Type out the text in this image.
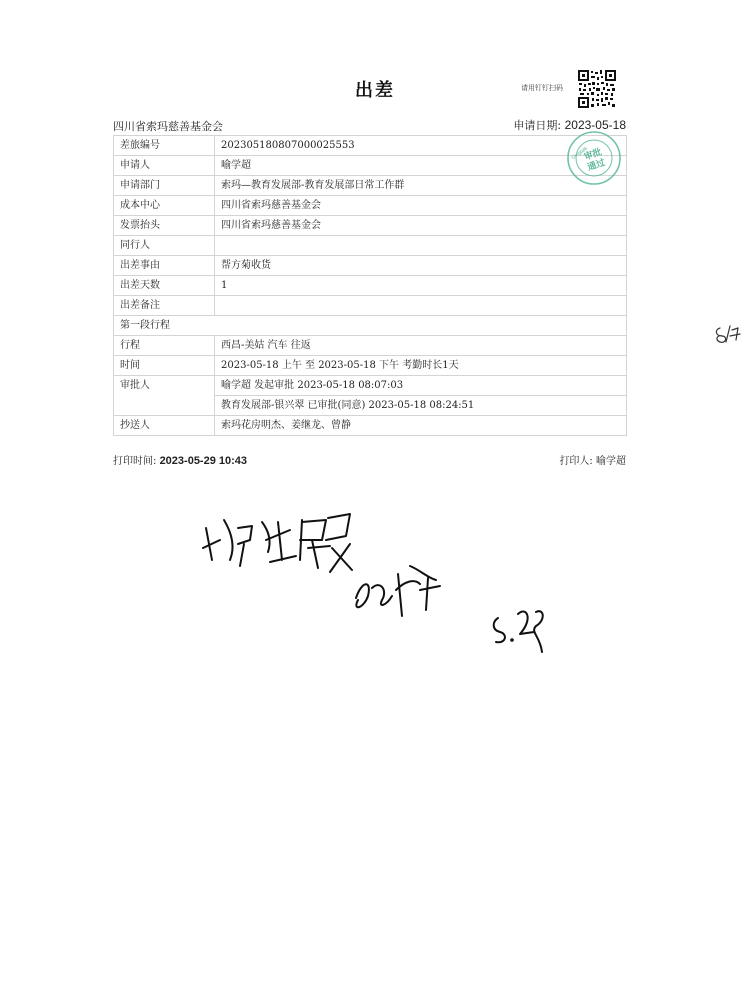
出差	请用钉钉扫码
四川省索玛慈善基金会	申请日期: 2023-05-18
差旅编号	202305180807000025553
申请人	喻学超
申请部门	索玛—教育发展部-教育发展部日常工作群
成本中心	四川省索玛慈善基金会
发票抬头	四川省索玛慈善基金会
同行人	
出差事由	帮方菊收货
出差天数	1
出差备注	
第一段行程	
行程	西昌-美姑 汽车 往返
时间	2023-05-18 上午 至 2023-05-18 下午 考勤时长1天
审批人	喻学超 发起审批 2023-05-18 08:07:03
教育发展部-银兴翠 已审批(同意) 2023-05-18 08:24:51

抄送人	索玛花房明杰、姜继龙、曾静
Dingtalk
审批
通过
打印时间: 2023-05-29 10:43	打印人: 喻学超
